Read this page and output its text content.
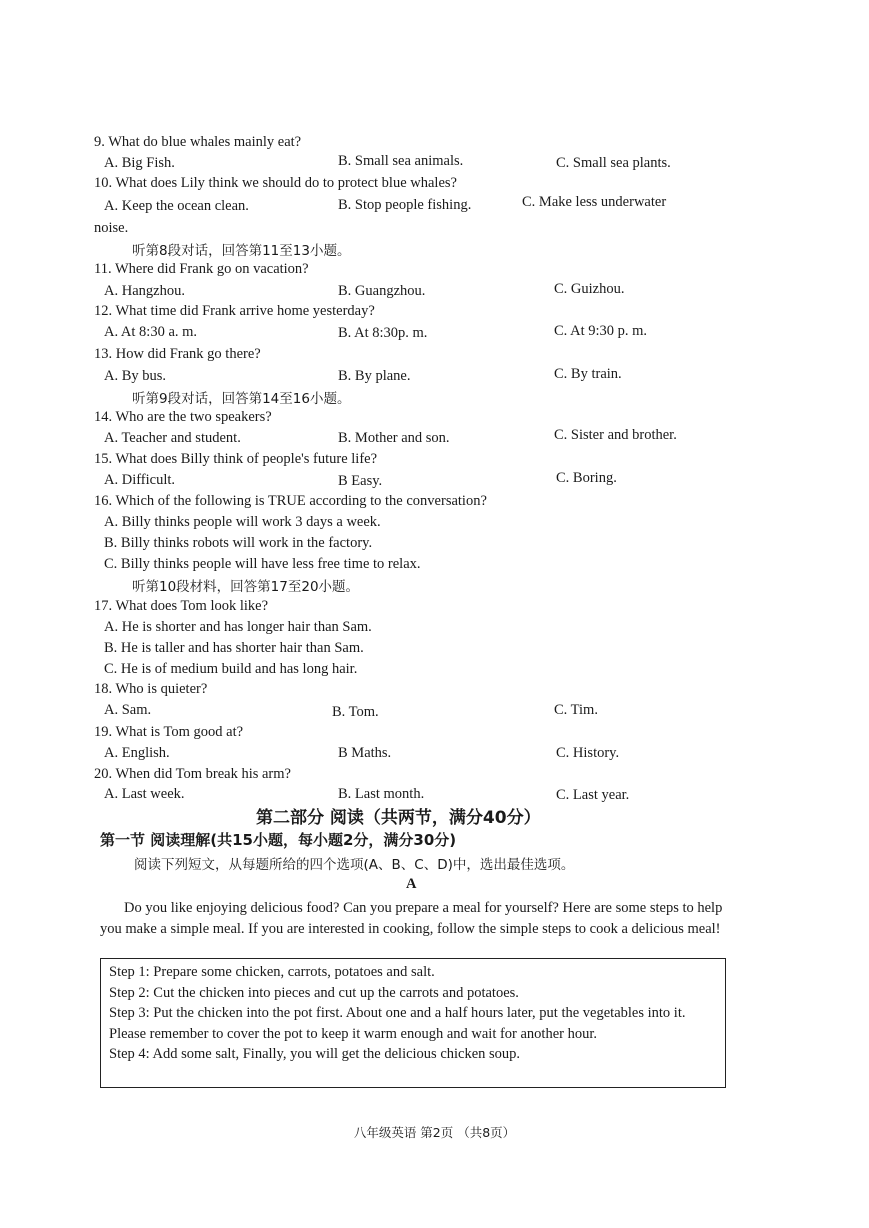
9. What do blue whales mainly eat?
A. Big Fish.	B. Small sea animals.	C. Small sea plants.
10. What does Lily think we should do to protect blue whales?
A. Keep the ocean clean.	B. Stop people fishing.	C. Make less underwater
noise.
听第8段对话，回答第11至13小题。
11. Where did Frank go on vacation?
A. Hangzhou.	B. Guangzhou.	C. Guizhou.
12. What time did Frank arrive home yesterday?
A. At 8:30 a. m.	B. At 8:30p. m.	C. At 9:30 p. m.
13. How did Frank go there?
A. By bus.	B. By plane.	C. By train.
听第9段对话，回答第14至16小题。
14. Who are the two speakers?
A. Teacher and student.	B. Mother and son.	C. Sister and brother.
15. What does Billy think of people's future life?
A. Difficult.	B Easy.	C. Boring.
16. Which of the following is TRUE according to the conversation?
A. Billy thinks people will work 3 days a week.
B. Billy thinks robots will work in the factory.
C. Billy thinks people will have less free time to relax.
听第10段材料，回答第17至20小题。
17. What does Tom look like?
A. He is shorter and has longer hair than Sam.
B. He is taller and has shorter hair than Sam.
C. He is of medium build and has long hair.
18. Who is quieter?
A. Sam.	B. Tom.	C. Tim.
19. What is Tom good at?
A. English.	B Maths.	C. History.
20. When did Tom break his arm?
A. Last week.	B. Last month.	C. Last year.
第二部分 阅读（共两节，满分40分）
第一节 阅读理解(共15小题，每小题2分，满分30分)
阅读下列短文，从每题所给的四个选项(A、B、C、D)中，选出最佳选项。
A
Do you like enjoying delicious food? Can you prepare a meal for yourself? Here are some steps to help you make a simple meal. If you are interested in cooking, follow the simple steps to cook a delicious meal!
Step 1: Prepare some chicken, carrots, potatoes and salt.
Step 2: Cut the chicken into pieces and cut up the carrots and potatoes.
Step 3: Put the chicken into the pot first. About one and a half hours later, put the vegetables into it. Please remember to cover the pot to keep it warm enough and wait for another hour.
Step 4: Add some salt, Finally, you will get the delicious chicken soup.
八年级英语 第2页 （共8页）
